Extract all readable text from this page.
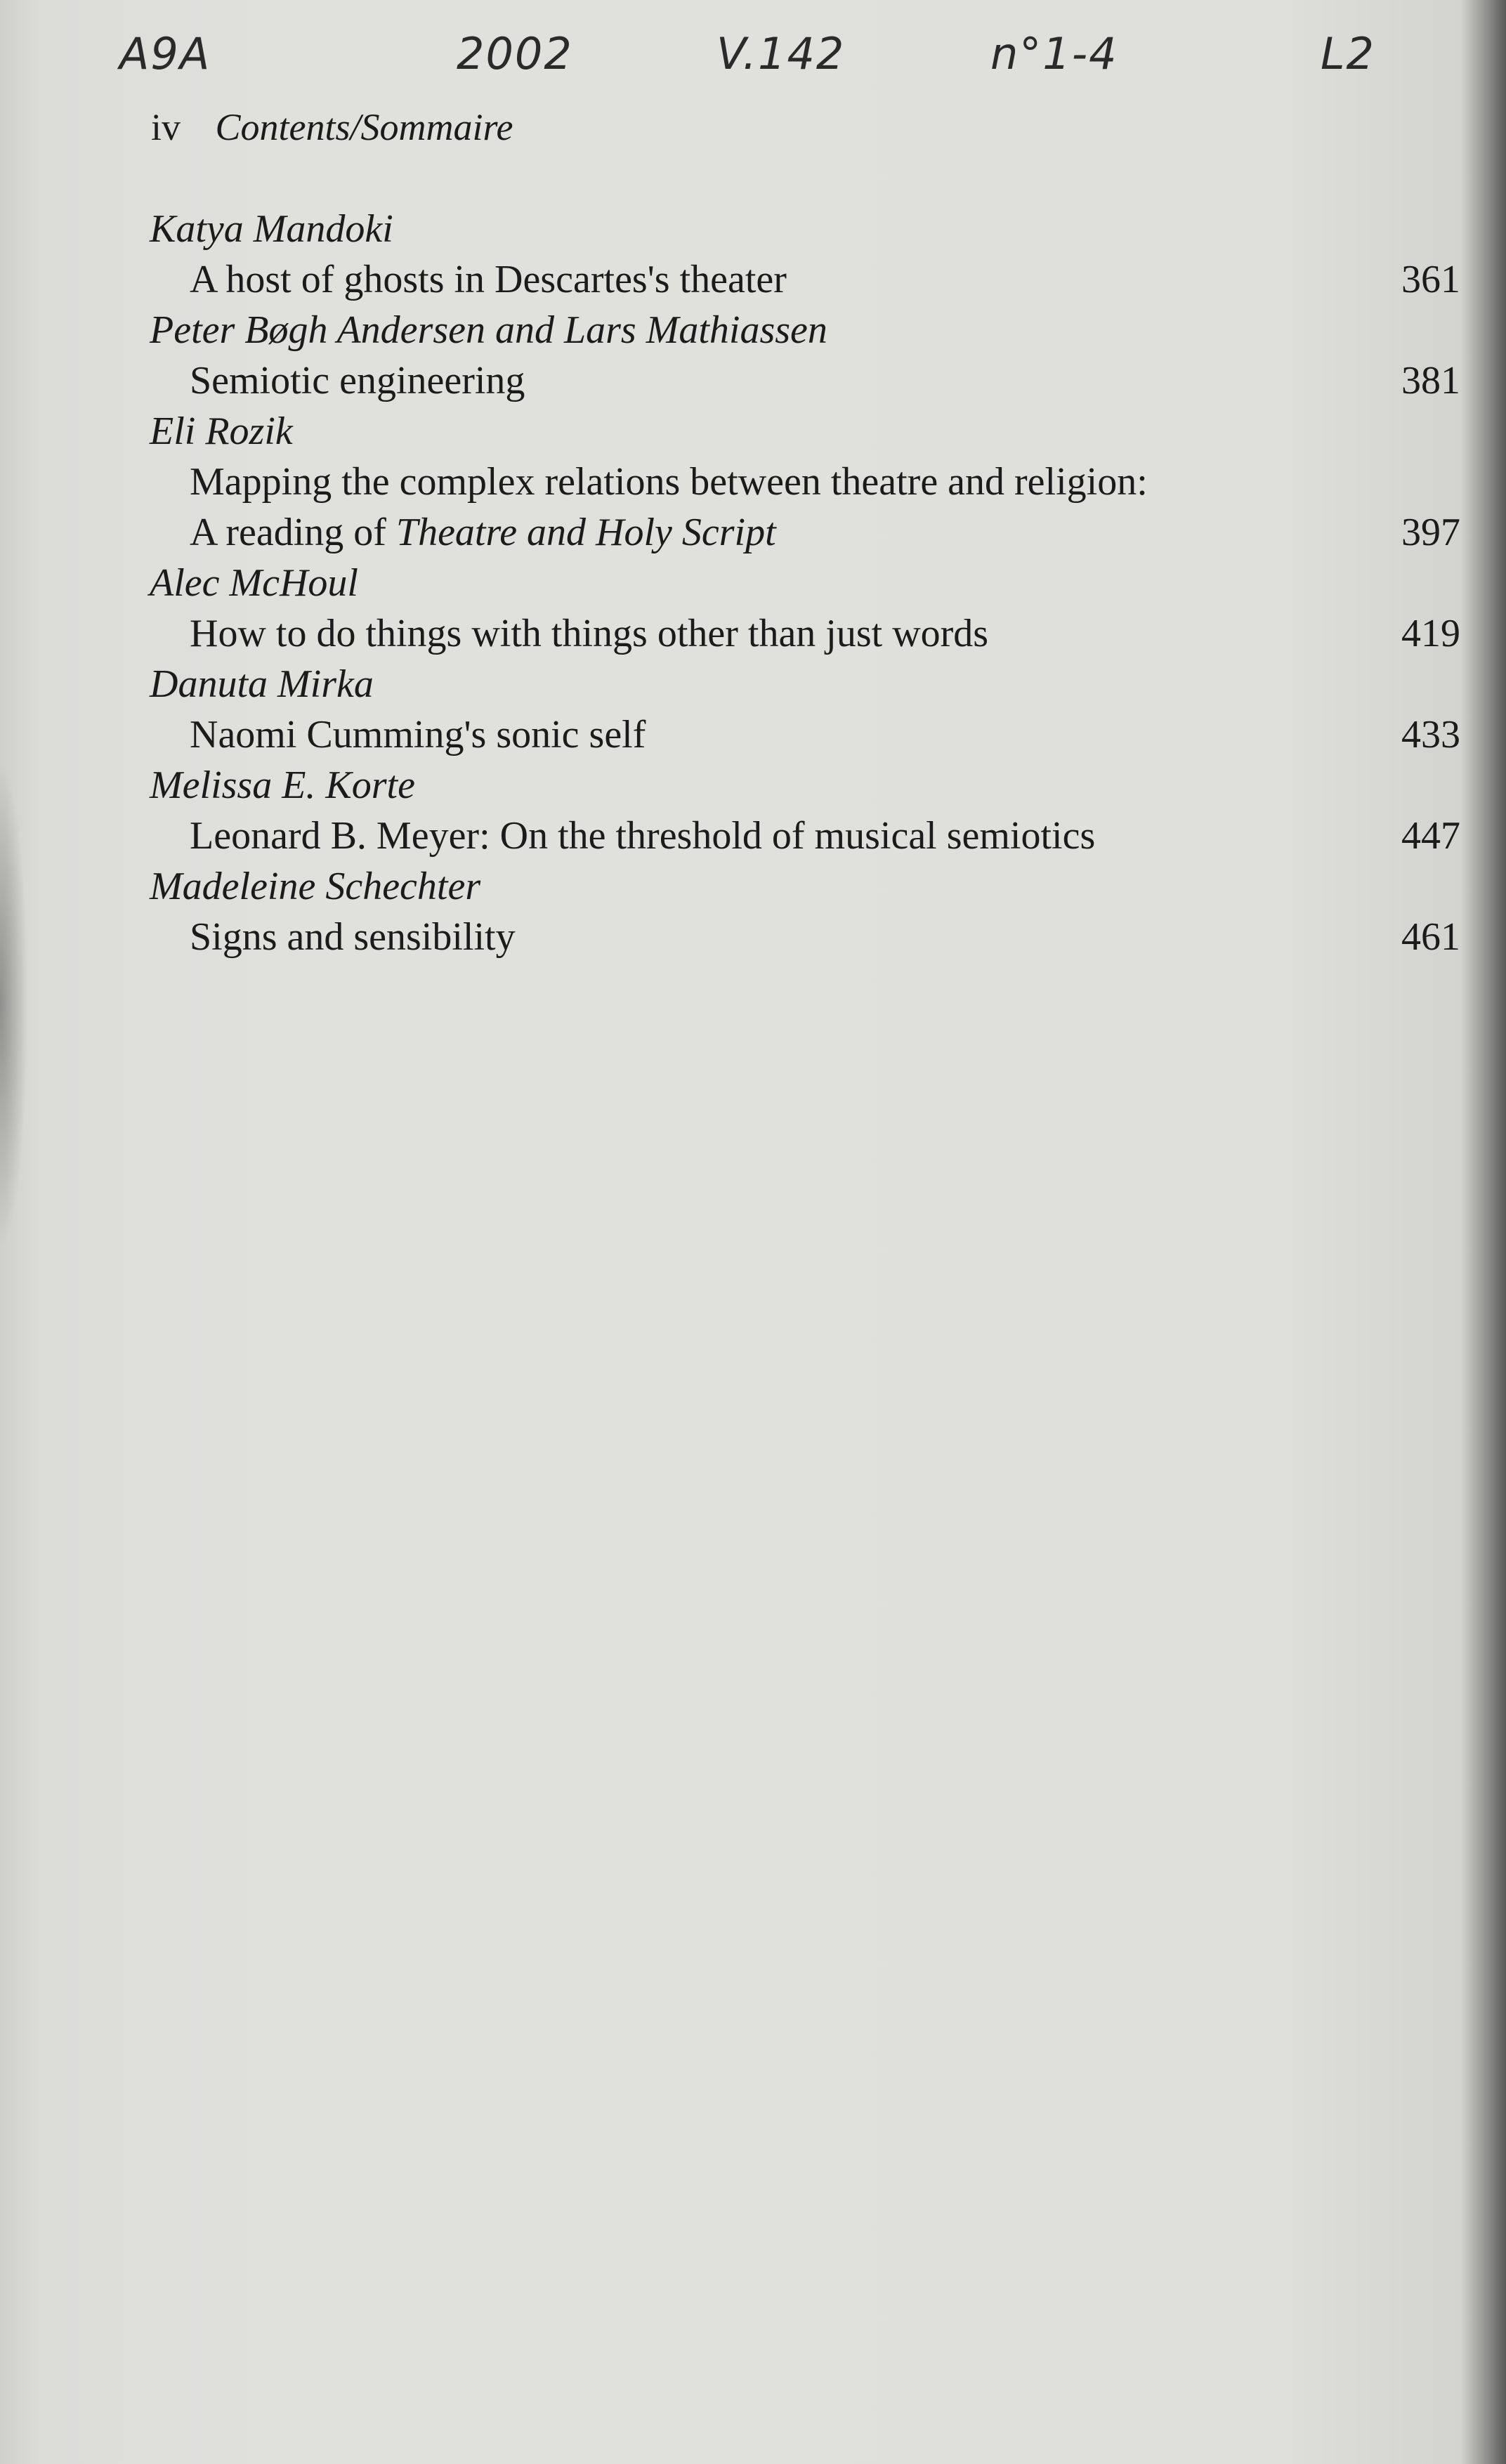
A9A	2002	V.142	n°1-4	L2
iv Contents/Sommaire
Katya Mandoki
A host of ghosts in Descartes's theater	361
Peter Bøgh Andersen and Lars Mathiassen
Semiotic engineering	381
Eli Rozik
Mapping the complex relations between theatre and religion:
A reading of Theatre and Holy Script	397
Alec McHoul
How to do things with things other than just words	419
Danuta Mirka
Naomi Cumming's sonic self	433
Melissa E. Korte
Leonard B. Meyer: On the threshold of musical semiotics	447
Madeleine Schechter
Signs and sensibility	461
